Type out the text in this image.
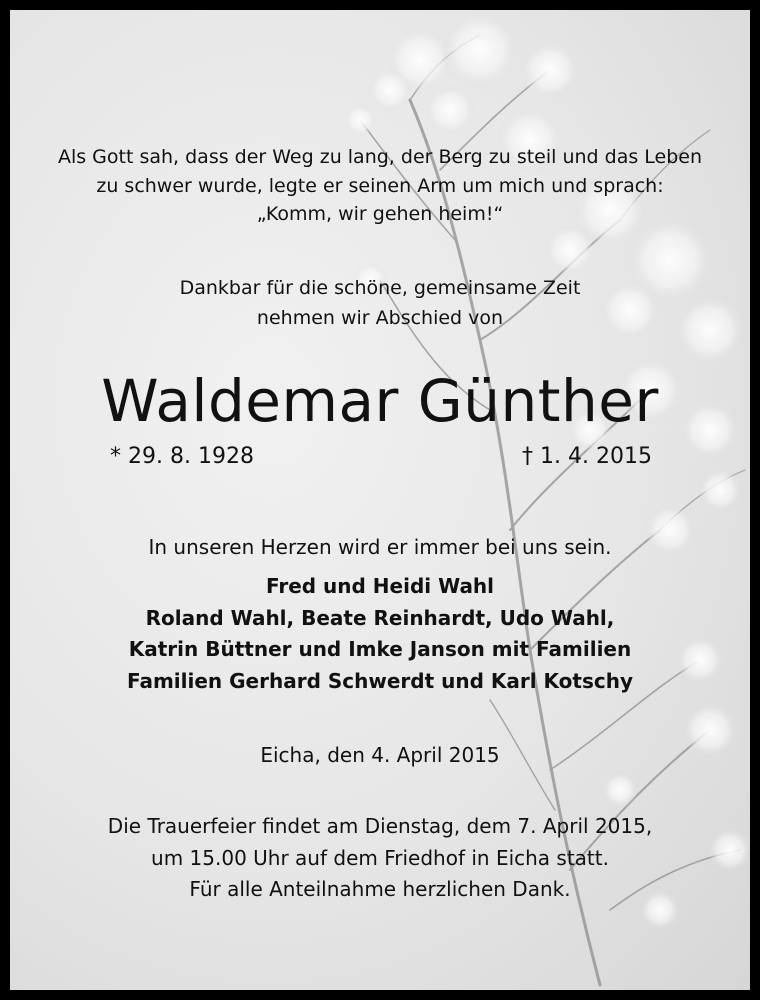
Als Gott sah, dass der Weg zu lang, der Berg zu steil und das Leben
zu schwer wurde, legte er seinen Arm um mich und sprach:
„Komm, wir gehen heim!“
Dankbar für die schöne, gemeinsame Zeit
nehmen wir Abschied von
Waldemar Günther
* 29. 8. 1928	† 1. 4. 2015
In unseren Herzen wird er immer bei uns sein.
Fred und Heidi Wahl
Roland Wahl, Beate Reinhardt, Udo Wahl,
Katrin Büttner und Imke Janson mit Familien
Familien Gerhard Schwerdt und Karl Kotschy
Eicha, den 4. April 2015
Die Trauerfeier findet am Dienstag, dem 7. April 2015,
um 15.00 Uhr auf dem Friedhof in Eicha statt.
Für alle Anteilnahme herzlichen Dank.
